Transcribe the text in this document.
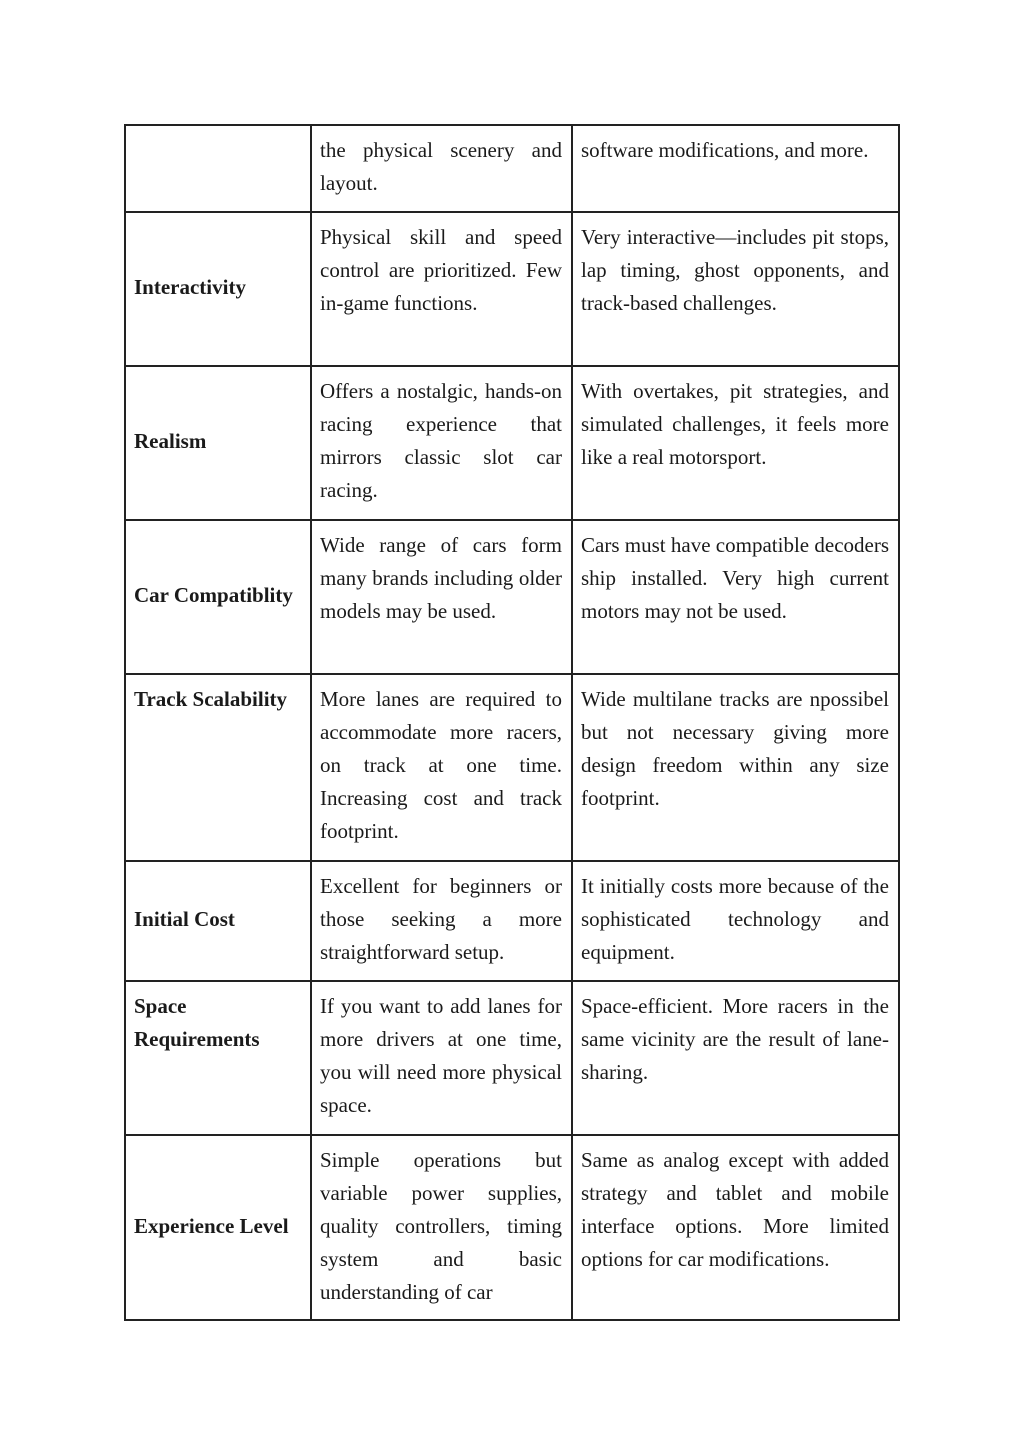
	the physical scenery and layout.	software modifications, and more.
Interactivity	Physical skill and speed control are prioritized. Few in-game functions.	Very interactive—includes pit stops, lap timing, ghost opponents, and track-based challenges.
Realism	Offers a nostalgic, hands-on racing experience that mirrors classic slot car racing.	With overtakes, pit strategies, and simulated challenges, it feels more like a real motorsport.
Car Compatiblity	Wide range of cars form many brands including older models may be used.	Cars must have compatible decoders ship installed. Very high current motors may not be used.
Track Scalability	More lanes are required to accommodate more racers, on track at one time. Increasing cost and track footprint.	Wide multilane tracks are npossibel but not necessary giving more design freedom within any size footprint.
Initial Cost	Excellent for beginners or those seeking a more straightforward setup.	It initially costs more because of the sophisticated technology and equipment.
Space Requirements	If you want to add lanes for more drivers at one time, you will need more physical space.	Space-efficient. More racers in the same vicinity are the result of lane-sharing.
Experience Level	Simple operations but variable power supplies, quality controllers, timing system and basic understanding of car	Same as analog except with added strategy and tablet and mobile interface options. More limited options for car modifications.
